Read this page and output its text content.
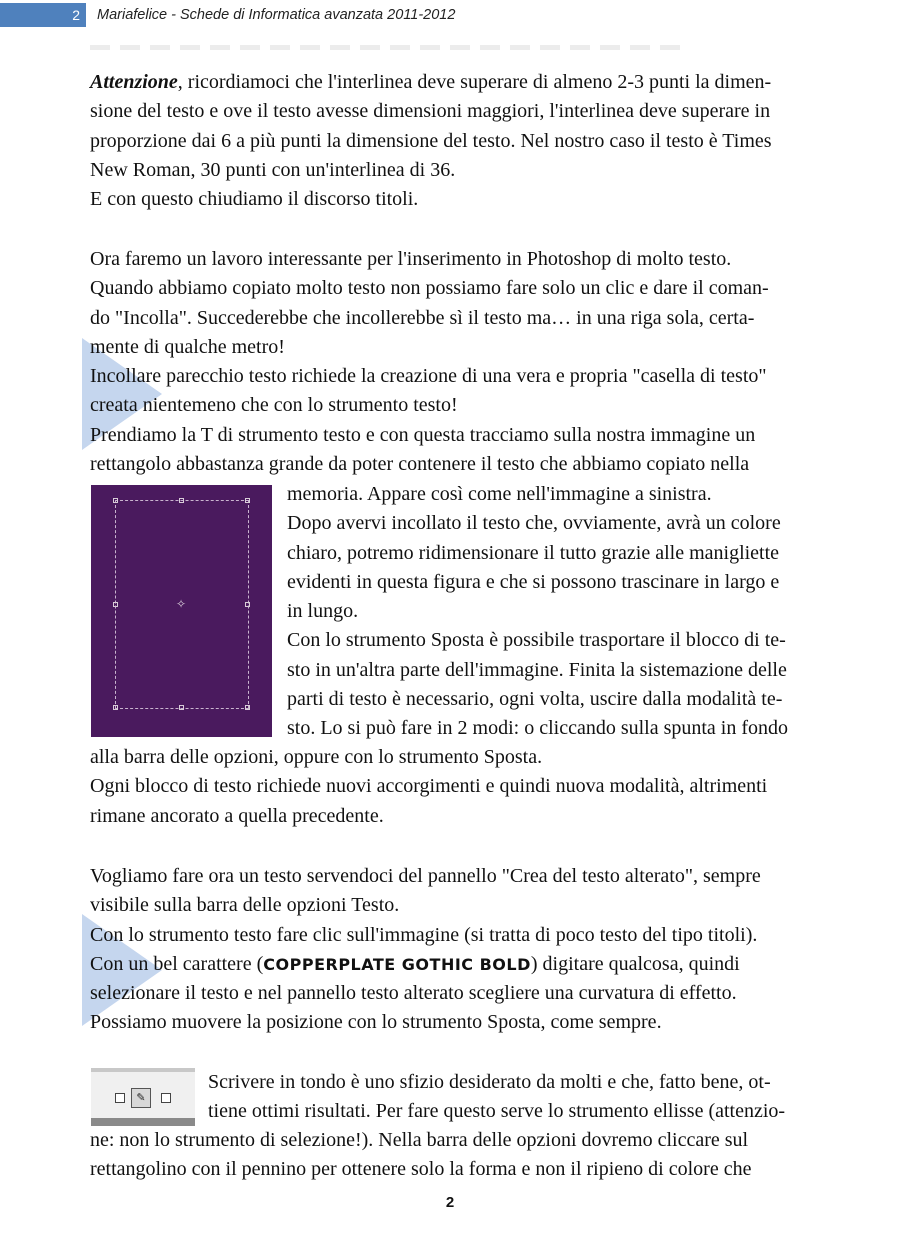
2	Mariafelice - Schede di Informatica avanzata 2011-2012
Attenzione, ricordiamoci che l'interlinea deve superare di almeno 2-3 punti la dimen-
sione del testo e ove il testo avesse dimensioni maggiori, l'interlinea deve superare in
proporzione dai 6 a più punti la dimensione del testo. Nel nostro caso il testo è Times
New Roman, 30 punti con un'interlinea di 36.
E con questo chiudiamo il discorso titoli.
Ora faremo un lavoro interessante per l'inserimento in Photoshop di molto testo.
Quando abbiamo copiato molto testo non possiamo fare solo un clic e dare il coman-
do "Incolla". Succederebbe che incollerebbe sì il testo ma… in una riga sola, certa-
mente di qualche metro!
Incollare parecchio testo richiede la creazione di una vera e propria "casella di testo"
creata nientemeno che con lo strumento testo!
Prendiamo la T di strumento testo e con questa tracciamo sulla nostra immagine un
rettangolo abbastanza grande da poter contenere il testo che abbiamo copiato nella
✧
memoria. Appare così come nell'immagine a sinistra.
Dopo avervi incollato il testo che, ovviamente, avrà un colore
chiaro, potremo ridimensionare il tutto grazie alle manigliette
evidenti in questa figura e che si possono trascinare in largo e
in lungo.
Con lo strumento Sposta è possibile trasportare il blocco di te-
sto in un'altra parte dell'immagine. Finita la sistemazione delle
parti di testo è necessario, ogni volta, uscire dalla modalità te-
sto. Lo si può fare in 2 modi: o cliccando sulla spunta in fondo
alla barra delle opzioni, oppure con lo strumento Sposta.
Ogni blocco di testo richiede nuovi accorgimenti e quindi nuova modalità, altrimenti
rimane ancorato a quella precedente.
Vogliamo fare ora un testo servendoci del pannello "Crea del testo alterato", sempre
visibile sulla barra delle opzioni Testo.
Con lo strumento testo fare clic sull'immagine (si tratta di poco testo del tipo titoli).
Con un bel carattere (COPPERPLATE GOTHIC BOLD) digitare qualcosa, quindi
selezionare il testo e nel pannello testo alterato scegliere una curvatura di effetto.
Possiamo muovere la posizione con lo strumento Sposta, come sempre.
✎
Scrivere in tondo è uno sfizio desiderato da molti e che, fatto bene, ot-
tiene ottimi risultati. Per fare questo serve lo strumento ellisse (attenzio-
ne: non lo strumento di selezione!). Nella barra delle opzioni dovremo cliccare sul
rettangolino con il pennino per ottenere solo la forma e non il ripieno di colore che
2
